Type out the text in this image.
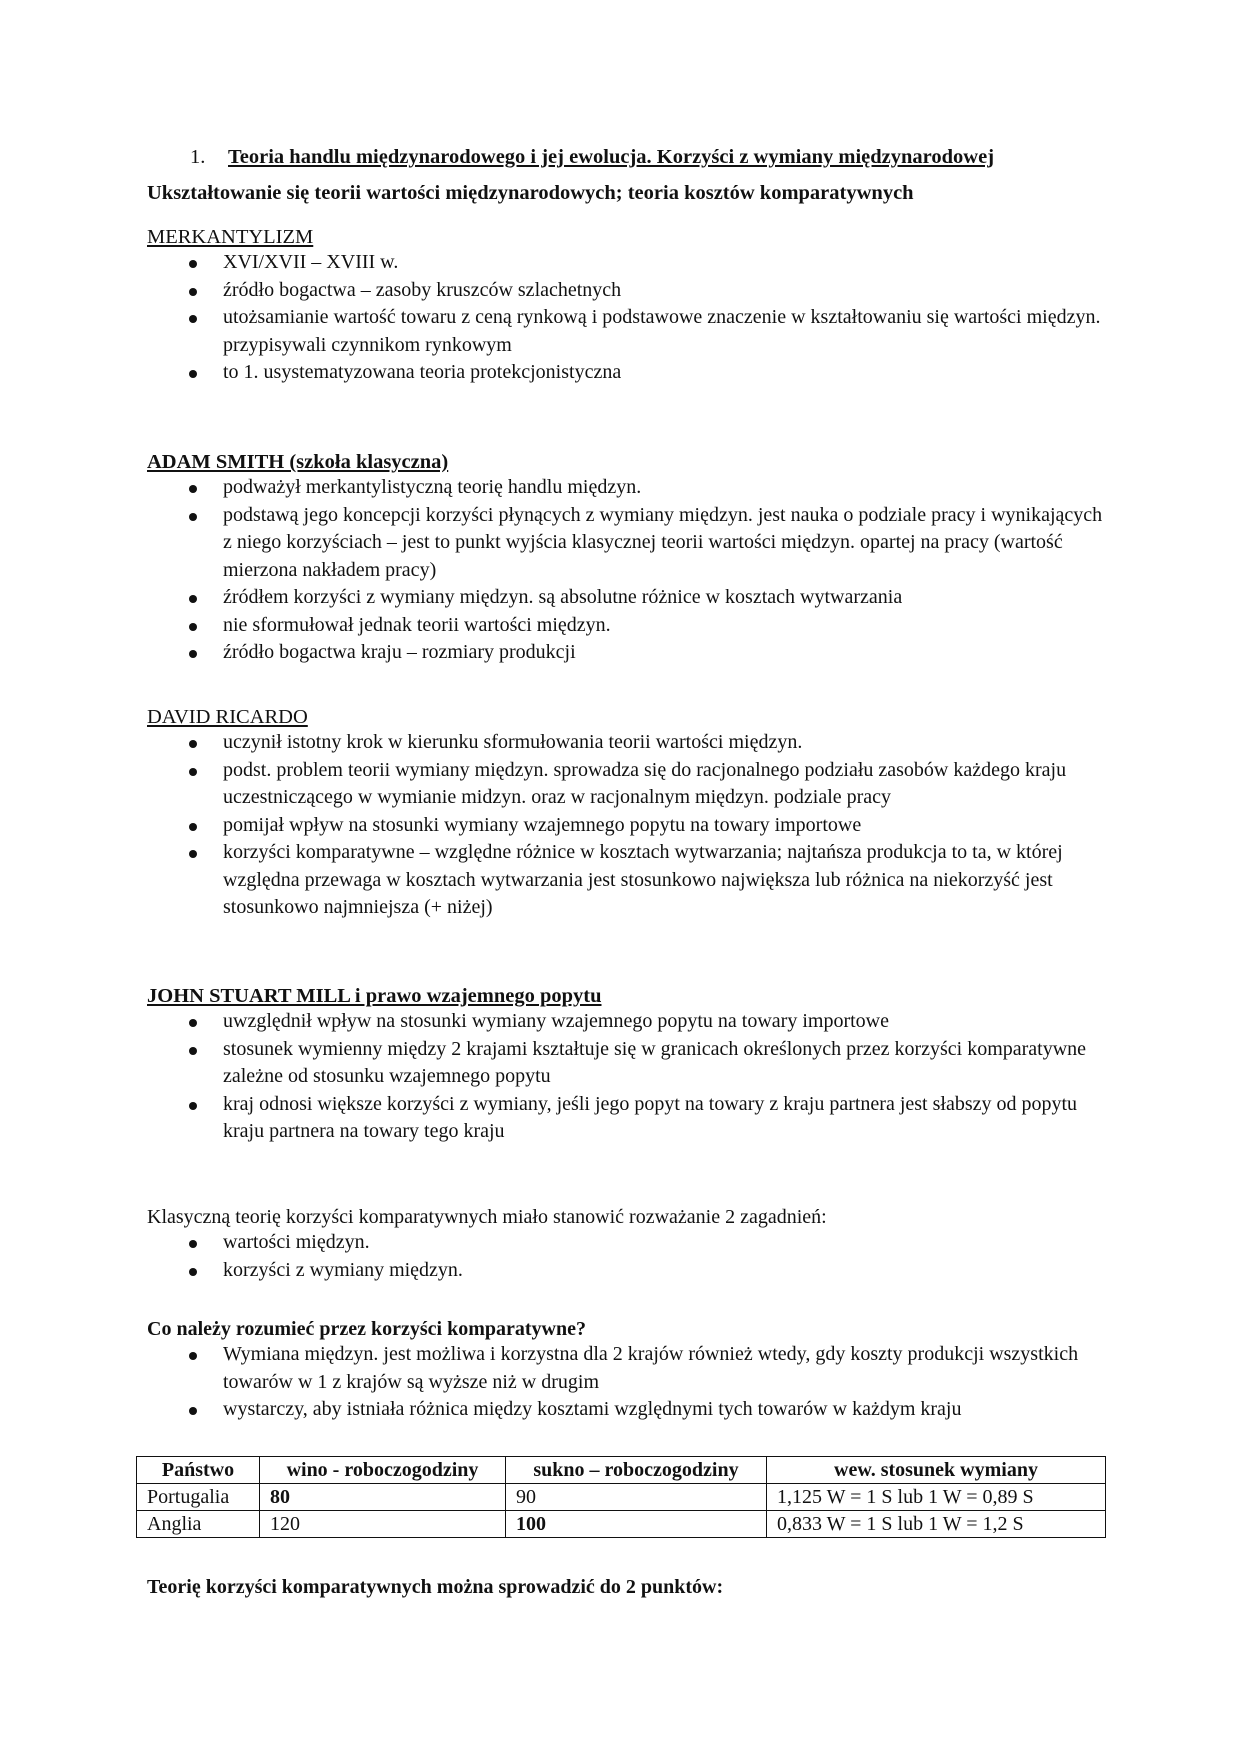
1. Teoria handlu międzynarodowego i jej ewolucja. Korzyści z wymiany międzynarodowej
Ukształtowanie się teorii wartości międzynarodowych; teoria kosztów komparatywnych
MERKANTYLIZM
XVI/XVII – XVIII w.
źródło bogactwa – zasoby kruszców szlachetnych
utożsamianie wartość towaru z ceną rynkową i podstawowe znaczenie w kształtowaniu się wartości międzyn. przypisywali czynnikom rynkowym
to 1. usystematyzowana teoria protekcjonistyczna
ADAM SMITH (szkoła klasyczna)
podważył merkantylistyczną teorię handlu międzyn.
podstawą jego koncepcji korzyści płynących z wymiany międzyn. jest nauka o podziale pracy i wynikających z niego korzyściach – jest to punkt wyjścia klasycznej teorii wartości międzyn. opartej na pracy (wartość mierzona nakładem pracy)
źródłem korzyści z wymiany międzyn. są absolutne różnice w kosztach wytwarzania
nie sformułował jednak teorii wartości międzyn.
źródło bogactwa kraju – rozmiary produkcji
DAVID RICARDO
uczynił istotny krok w kierunku sformułowania teorii wartości międzyn.
podst. problem teorii wymiany międzyn. sprowadza się do racjonalnego podziału zasobów każdego kraju uczestniczącego w wymianie midzyn. oraz w racjonalnym międzyn. podziale pracy
pomijał wpływ na stosunki wymiany wzajemnego popytu na towary importowe
korzyści komparatywne – względne różnice w kosztach wytwarzania; najtańsza produkcja to ta, w której względna przewaga w kosztach wytwarzania jest stosunkowo największa lub różnica na niekorzyść jest stosunkowo najmniejsza (+ niżej)
JOHN STUART MILL i prawo wzajemnego popytu
uwzględnił wpływ na stosunki wymiany wzajemnego popytu na towary importowe
stosunek wymienny między 2 krajami kształtuje się w granicach określonych przez korzyści komparatywne zależne od stosunku wzajemnego popytu
kraj odnosi większe korzyści z wymiany, jeśli jego popyt na towary z kraju partnera jest słabszy od popytu kraju partnera na towary tego kraju
Klasyczną teorię korzyści komparatywnych miało stanowić rozważanie 2 zagadnień:
wartości międzyn.
korzyści z wymiany międzyn.
Co należy rozumieć przez korzyści komparatywne?
Wymiana międzyn. jest możliwa i korzystna dla 2 krajów również wtedy, gdy koszty produkcji wszystkich towarów w 1 z krajów są wyższe niż w drugim
wystarczy, aby istniała różnica między kosztami względnymi tych towarów w każdym kraju
Państwo	wino - roboczogodziny	sukno – roboczogodziny	wew. stosunek wymiany
Portugalia	80	90	1,125 W = 1 S lub 1 W = 0,89 S
Anglia	120	100	0,833 W = 1 S lub 1 W = 1,2 S
Teorię korzyści komparatywnych można sprowadzić do 2 punktów:
